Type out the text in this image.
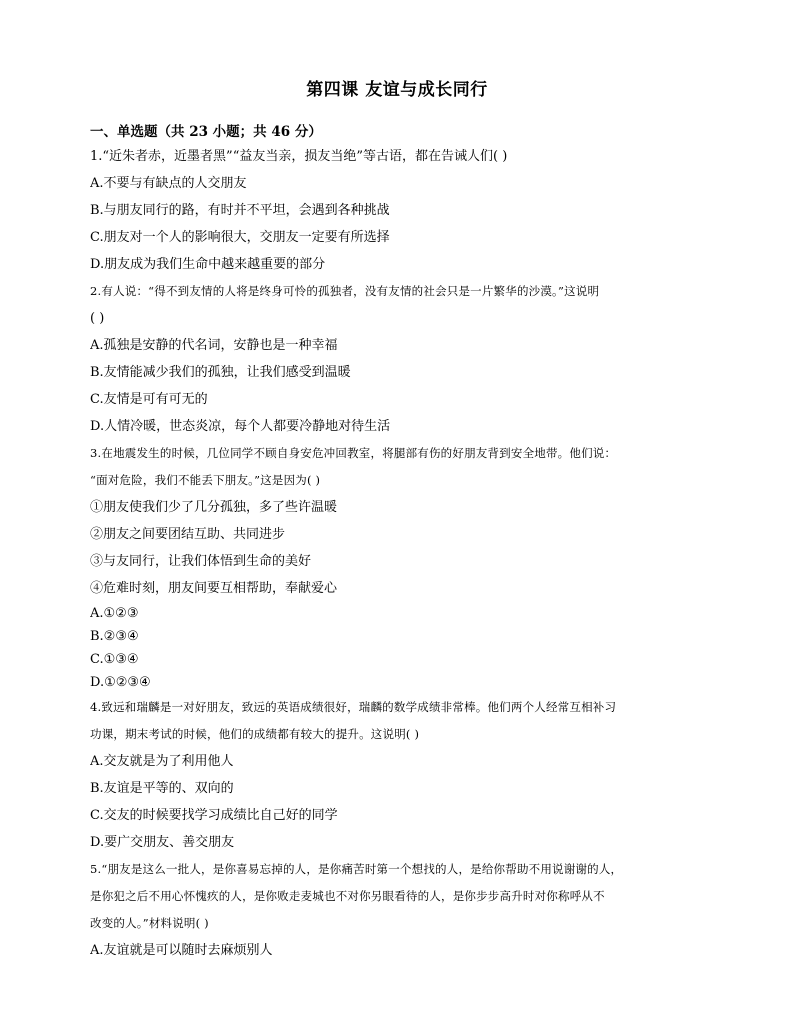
第四课 友谊与成长同行
一、单选题（共 23 小题；共 46 分）
1.“近朱者赤，近墨者黑”“益友当亲，损友当绝”等古语，都在告诫人们( )
A.不要与有缺点的人交朋友
B.与朋友同行的路，有时并不平坦，会遇到各种挑战
C.朋友对一个人的影响很大，交朋友一定要有所选择
D.朋友成为我们生命中越来越重要的部分
2.有人说：“得不到友情的人将是终身可怜的孤独者，没有友情的社会只是一片繁华的沙漠。”这说明
( )
A.孤独是安静的代名词，安静也是一种幸福
B.友情能减少我们的孤独，让我们感受到温暖
C.友情是可有可无的
D.人情冷暖，世态炎凉，每个人都要冷静地对待生活
3.在地震发生的时候，几位同学不顾自身安危冲回教室，将腿部有伤的好朋友背到安全地带。他们说：
“面对危险，我们不能丢下朋友。”这是因为( )
①朋友使我们少了几分孤独，多了些许温暖
②朋友之间要团结互助、共同进步
③与友同行，让我们体悟到生命的美好
④危难时刻，朋友间要互相帮助，奉献爱心
A.①②③
B.②③④
C.①③④
D.①②③④
4.致远和瑞麟是一对好朋友，致远的英语成绩很好，瑞麟的数学成绩非常棒。他们两个人经常互相补习
功课，期末考试的时候，他们的成绩都有较大的提升。这说明( )
A.交友就是为了利用他人
B.友谊是平等的、双向的
C.交友的时候要找学习成绩比自己好的同学
D.要广交朋友、善交朋友
5.“朋友是这么一批人，是你喜易忘掉的人，是你痛苦时第一个想找的人，是给你帮助不用说谢谢的人，
是你犯之后不用心怀愧疚的人，是你败走麦城也不对你另眼看待的人，是你步步高升时对你称呼从不
改变的人。”材料说明( )
A.友谊就是可以随时去麻烦别人
